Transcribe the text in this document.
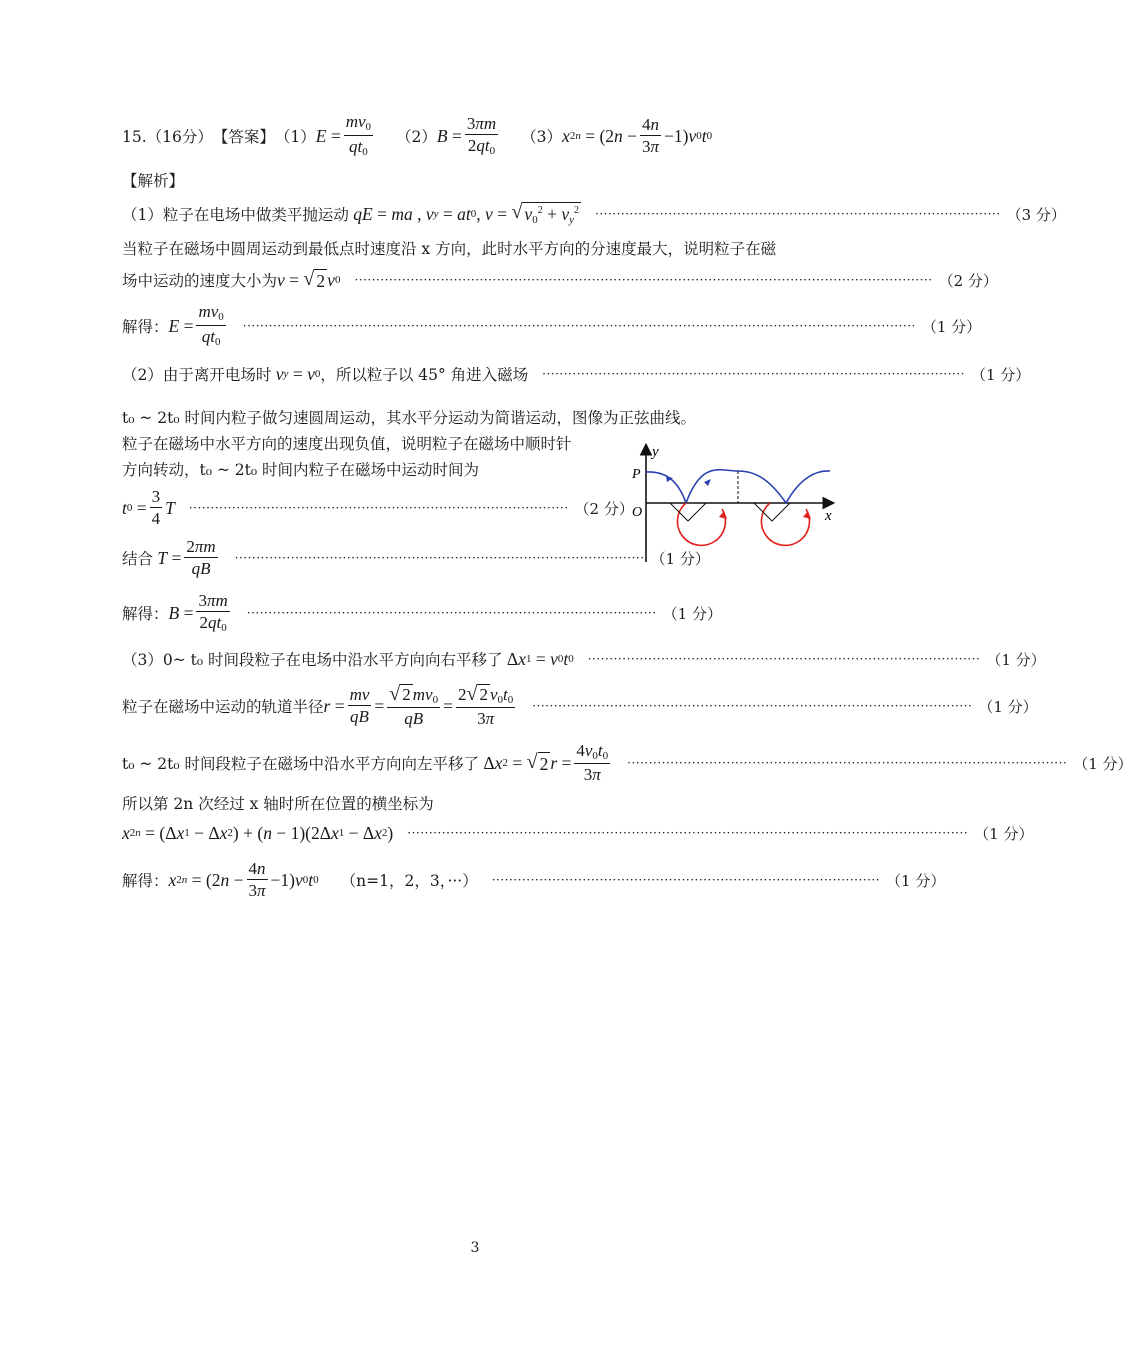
15.（16分） 【答案】 （1） $E = \frac{mv_0}{qt_0} (2) B = \frac{3\pi m}{2qt_0} (3)$ x 2n = (2 $n - \frac{4n}{3\pi} -1$) v 0 t 0
【解析】
（1） 粒子在电场中做类平抛运动
qE = ma , v y = at 0 , v = √ $v_0^2 + v_y^2$ ······························································································ （3 分）
当粒子在磁场中圆周运动到最低点时速度沿 x 方向，此时水平方向的分速度最大，说明粒子在磁
场中运动的速度大小为 v = √ 2 v 0 ······································································································································ （2 分）
解得： $E = \frac{mv_0}{qt_0}$ ···························································································································································· （1 分）
（2） 由于离开电场时
v y = v 0 ，所以粒子以 45° 角进入磁场 ·································································································· （1 分）
t₀ ~ 2t₀ 时间内粒子做匀速圆周运动，其水平分运动为简谐运动，图像为正弦曲线。
粒子在磁场中水平方向的速度出现负值，说明粒子在磁场中顺时针
方向转动，t₀ ~ 2t₀ 时间内粒子在磁场中运动时间为
t $0 = \frac{3}{4}$ T ························································································ （2 分）
结合
$T = \frac{2\pi m}{qB}$ ······························································································· （1 分）
解得： $B = \frac{3\pi m}{2qt_0}$ ······························································································· （1 分）
（3） 0~ t₀ 时间段粒子在电场中沿水平方向向右平移了 Δ x 1 = v 0 t 0 ··························································································· （1 分）
粒子在磁场中运动的轨道半径 $r = \frac{mv}{qB} = \frac{√ 2 mv_0}{qB} = \frac{2 √ 2 v_0t_0}{3\pi}$ ······································································································ （1 分）
t₀ ~ 2t₀ 时间段粒子在磁场中沿水平方向向左平移了 Δ x 2 = √ 2 $r = \frac{4v_0t_0}{3\pi}$ ······································································································ （1 分）
所以第 2n 次经过 x 轴时所在位置的横坐标为
x 2n = (Δ x 1 − Δ x 2 ) + ( n − 1)(2Δ x 1 − Δ x 2 ) ·································································································································· （1 分）
解得： x 2n = (2 $n - \frac{4n}{3\pi} -1$) v 0 t 0 （n=1，2，3，···） ·························································································· （1 分）
y
x
O
P
3
